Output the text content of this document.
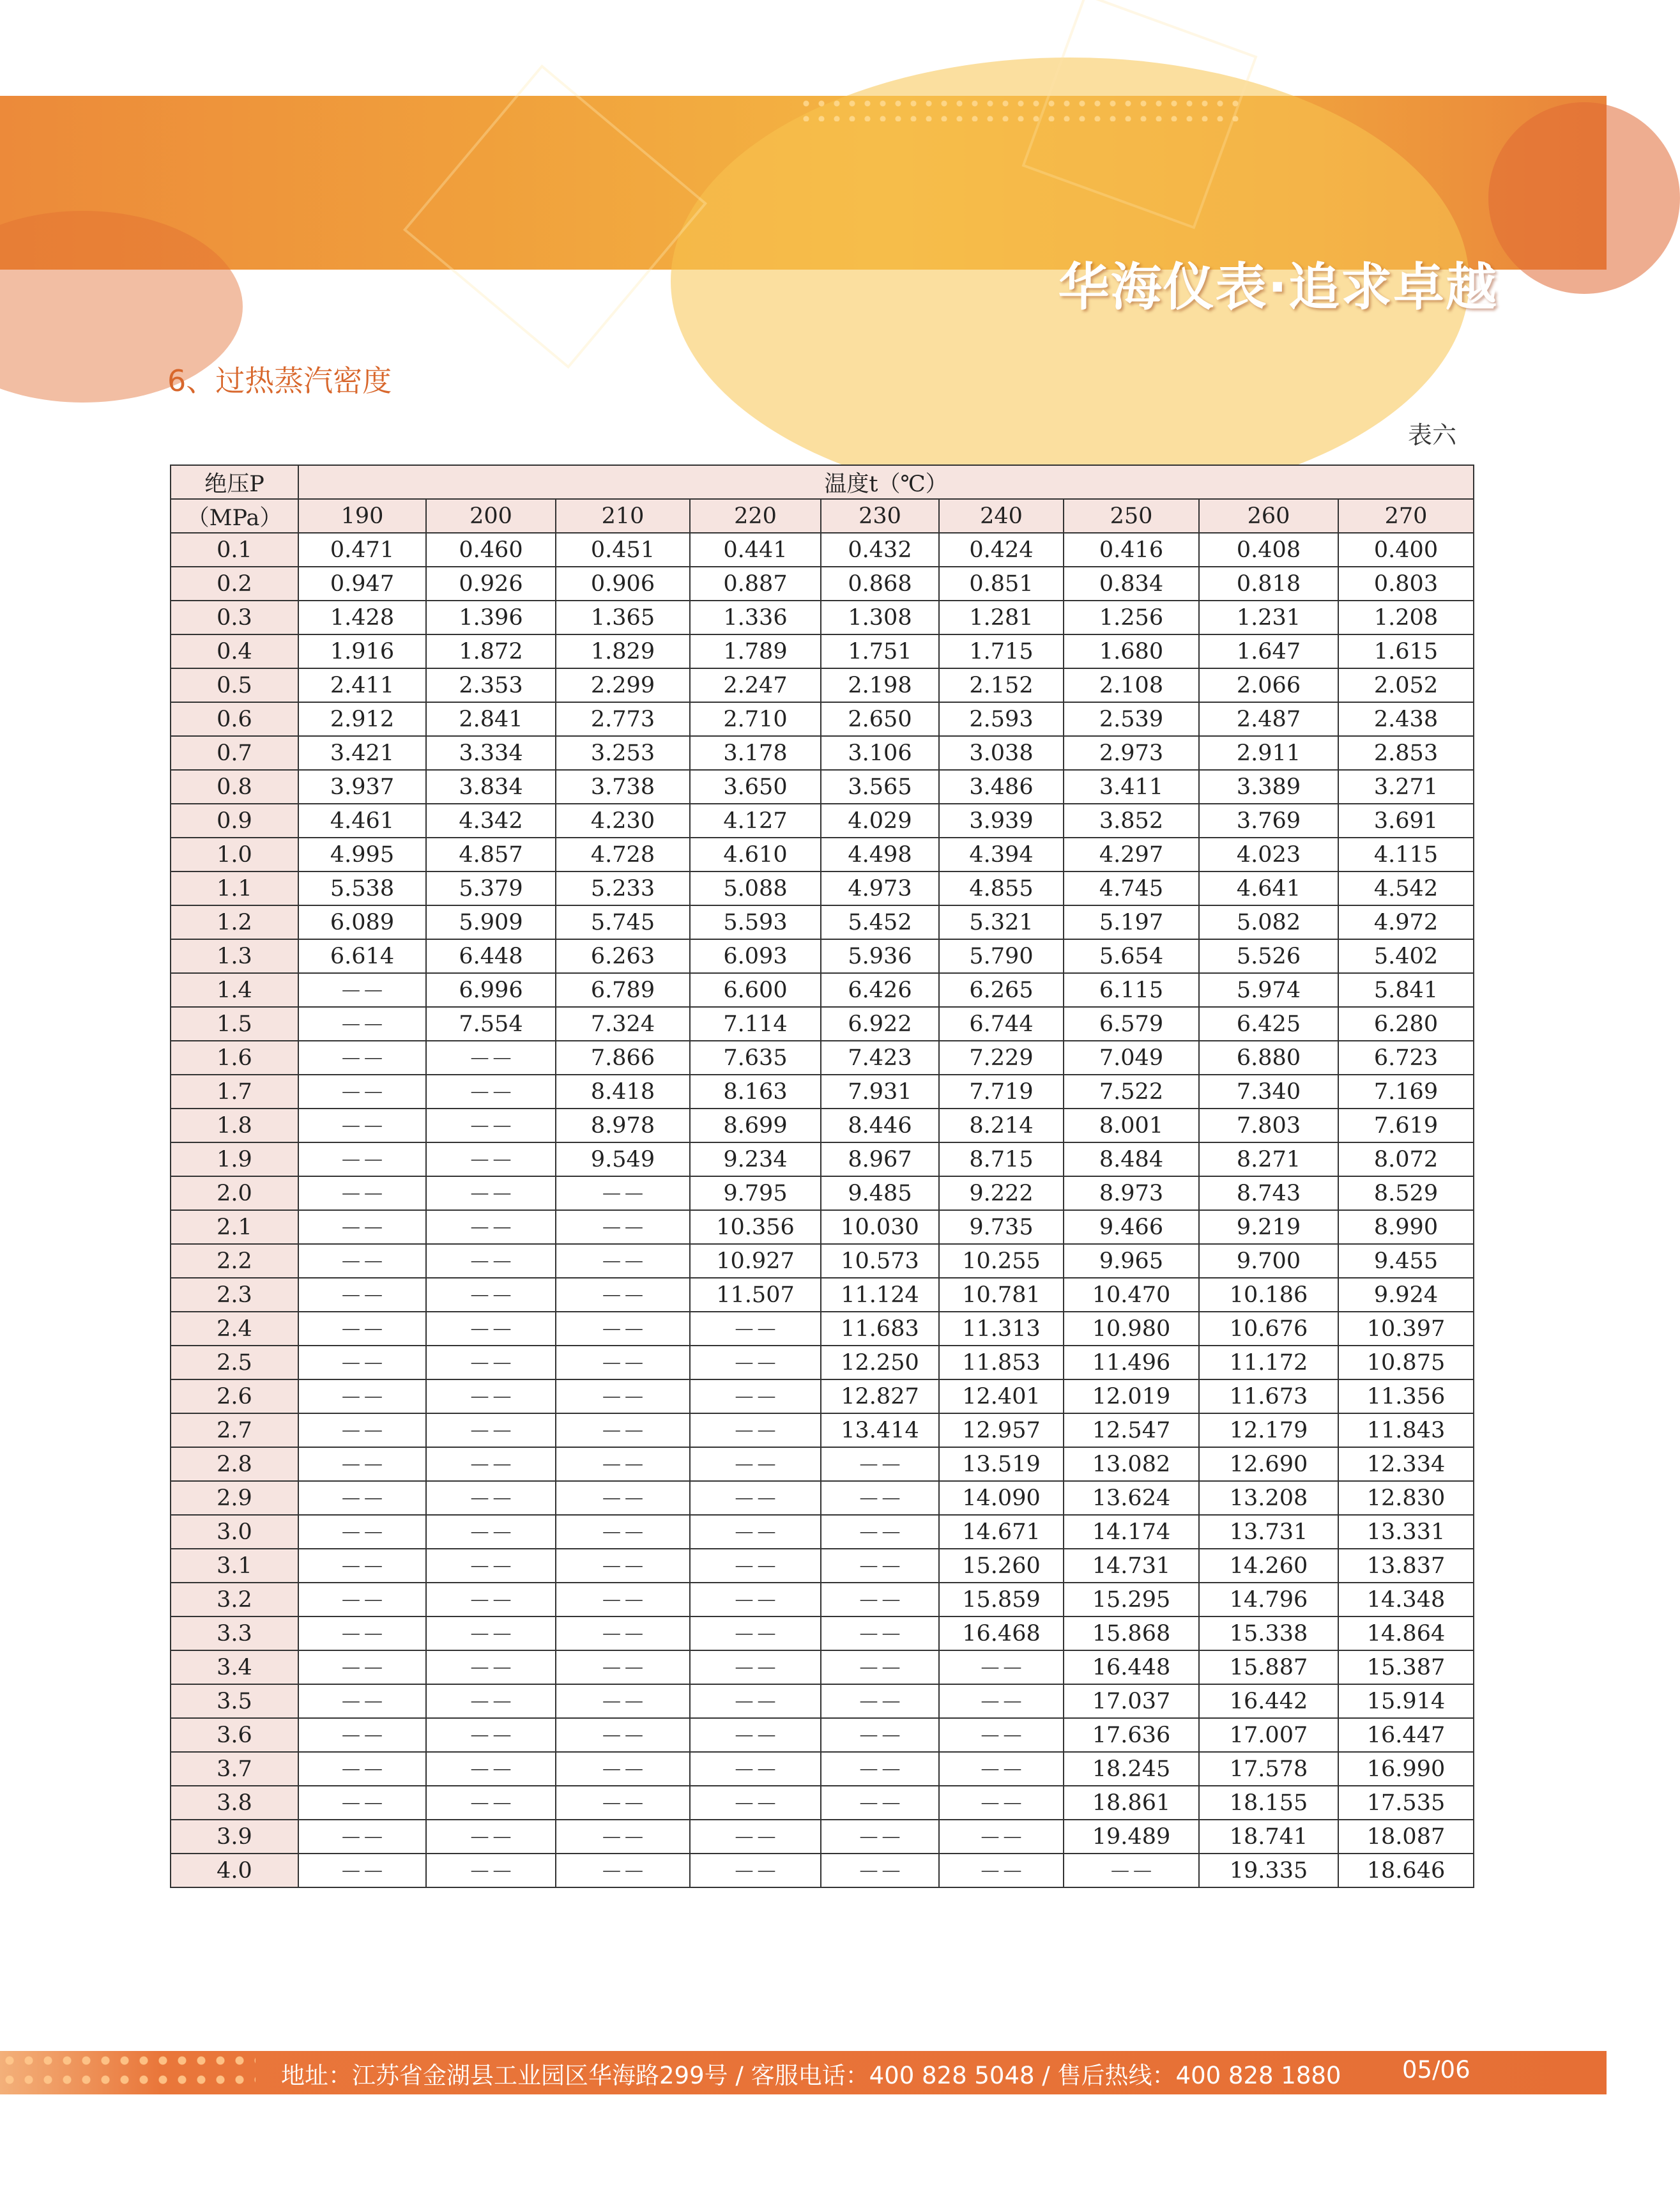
华海仪表·追求卓越
6、过热蒸汽密度
表六
绝压P	温度t（℃）								
（MPa）	190	200	210	220	230	240	250	260	270
0.1	0.471	0.460	0.451	0.441	0.432	0.424	0.416	0.408	0.400
0.2	0.947	0.926	0.906	0.887	0.868	0.851	0.834	0.818	0.803
0.3	1.428	1.396	1.365	1.336	1.308	1.281	1.256	1.231	1.208
0.4	1.916	1.872	1.829	1.789	1.751	1.715	1.680	1.647	1.615
0.5	2.411	2.353	2.299	2.247	2.198	2.152	2.108	2.066	2.052
0.6	2.912	2.841	2.773	2.710	2.650	2.593	2.539	2.487	2.438
0.7	3.421	3.334	3.253	3.178	3.106	3.038	2.973	2.911	2.853
0.8	3.937	3.834	3.738	3.650	3.565	3.486	3.411	3.389	3.271
0.9	4.461	4.342	4.230	4.127	4.029	3.939	3.852	3.769	3.691
1.0	4.995	4.857	4.728	4.610	4.498	4.394	4.297	4.023	4.115
1.1	5.538	5.379	5.233	5.088	4.973	4.855	4.745	4.641	4.542
1.2	6.089	5.909	5.745	5.593	5.452	5.321	5.197	5.082	4.972
1.3	6.614	6.448	6.263	6.093	5.936	5.790	5.654	5.526	5.402
1.4	－－	6.996	6.789	6.600	6.426	6.265	6.115	5.974	5.841
1.5	－－	7.554	7.324	7.114	6.922	6.744	6.579	6.425	6.280
1.6	－－	－－	7.866	7.635	7.423	7.229	7.049	6.880	6.723
1.7	－－	－－	8.418	8.163	7.931	7.719	7.522	7.340	7.169
1.8	－－	－－	8.978	8.699	8.446	8.214	8.001	7.803	7.619
1.9	－－	－－	9.549	9.234	8.967	8.715	8.484	8.271	8.072
2.0	－－	－－	－－	9.795	9.485	9.222	8.973	8.743	8.529
2.1	－－	－－	－－	10.356	10.030	9.735	9.466	9.219	8.990
2.2	－－	－－	－－	10.927	10.573	10.255	9.965	9.700	9.455
2.3	－－	－－	－－	11.507	11.124	10.781	10.470	10.186	9.924
2.4	－－	－－	－－	－－	11.683	11.313	10.980	10.676	10.397
2.5	－－	－－	－－	－－	12.250	11.853	11.496	11.172	10.875
2.6	－－	－－	－－	－－	12.827	12.401	12.019	11.673	11.356
2.7	－－	－－	－－	－－	13.414	12.957	12.547	12.179	11.843
2.8	－－	－－	－－	－－	－－	13.519	13.082	12.690	12.334
2.9	－－	－－	－－	－－	－－	14.090	13.624	13.208	12.830
3.0	－－	－－	－－	－－	－－	14.671	14.174	13.731	13.331
3.1	－－	－－	－－	－－	－－	15.260	14.731	14.260	13.837
3.2	－－	－－	－－	－－	－－	15.859	15.295	14.796	14.348
3.3	－－	－－	－－	－－	－－	16.468	15.868	15.338	14.864
3.4	－－	－－	－－	－－	－－	－－	16.448	15.887	15.387
3.5	－－	－－	－－	－－	－－	－－	17.037	16.442	15.914
3.6	－－	－－	－－	－－	－－	－－	17.636	17.007	16.447
3.7	－－	－－	－－	－－	－－	－－	18.245	17.578	16.990
3.8	－－	－－	－－	－－	－－	－－	18.861	18.155	17.535
3.9	－－	－－	－－	－－	－－	－－	19.489	18.741	18.087
4.0	－－	－－	－－	－－	－－	－－	－－	19.335	18.646
地址：江苏省金湖县工业园区华海路299号 / 客服电话：400 828 5048 / 售后热线：400 828 1880	05/06
